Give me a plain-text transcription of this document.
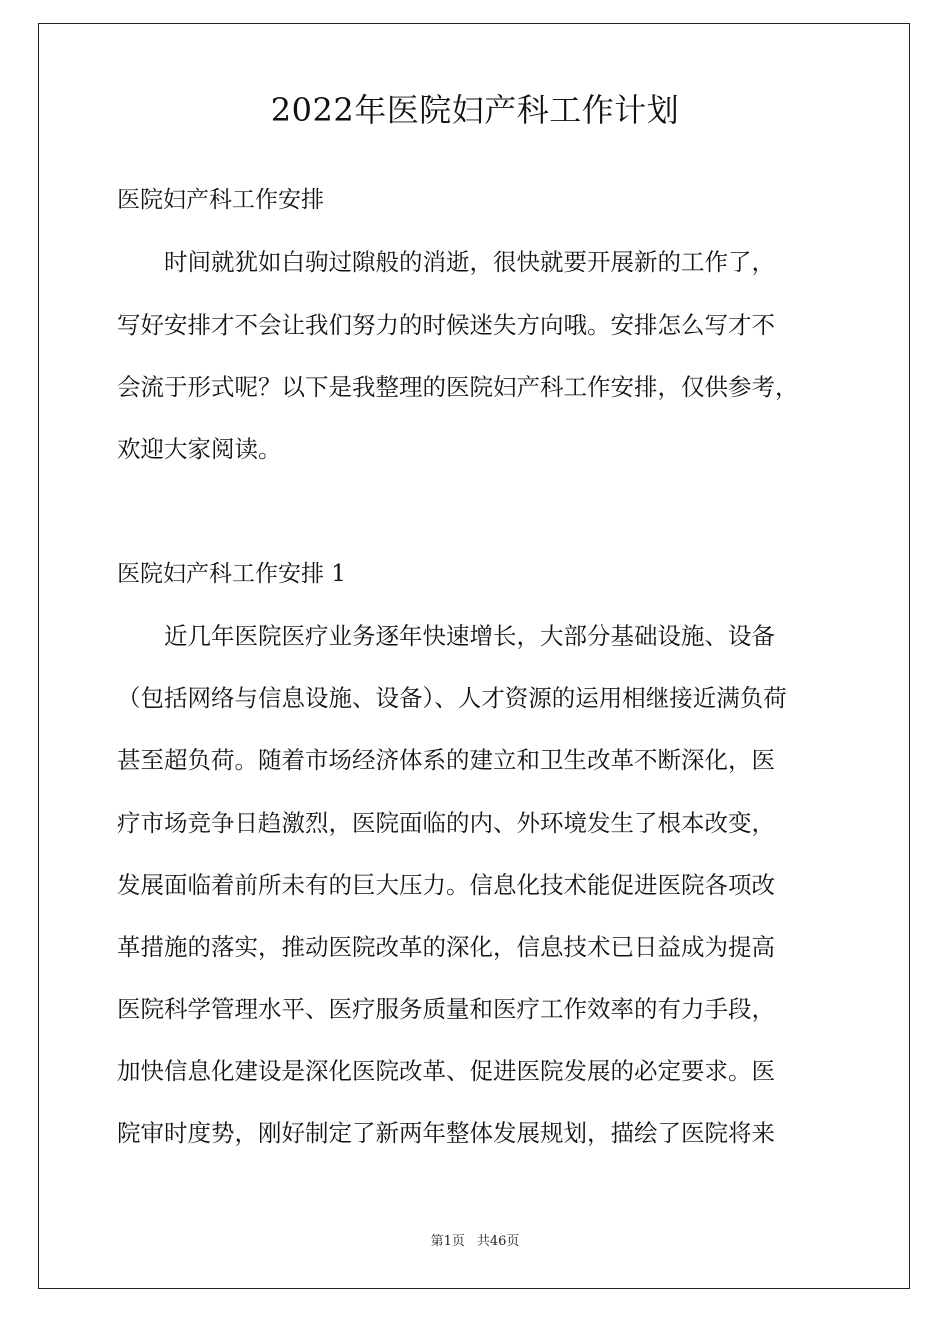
2022年医院妇产科工作计划
医院妇产科工作安排

时间就犹如白驹过隙般的消逝，很快就要开展新的工作了，

写好安排才不会让我们努力的时候迷失方向哦。安排怎么写才不

会流于形式呢？以下是我整理的医院妇产科工作安排，仅供参考，

欢迎大家阅读。

医院妇产科工作安排 1

近几年医院医疗业务逐年快速增长，大部分基础设施、设备

（包括网络与信息设施、设备）、人才资源的运用相继接近满负荷

甚至超负荷。随着市场经济体系的建立和卫生改革不断深化，医

疗市场竞争日趋激烈，医院面临的内、外环境发生了根本改变，

发展面临着前所未有的巨大压力。信息化技术能促进医院各项改

革措施的落实，推动医院改革的深化，信息技术已日益成为提高

医院科学管理水平、医疗服务质量和医疗工作效率的有力手段，

加快信息化建设是深化医院改革、促进医院发展的必定要求。医

院审时度势，刚好制定了新两年整体发展规划，描绘了医院将来

第1页 共46页
